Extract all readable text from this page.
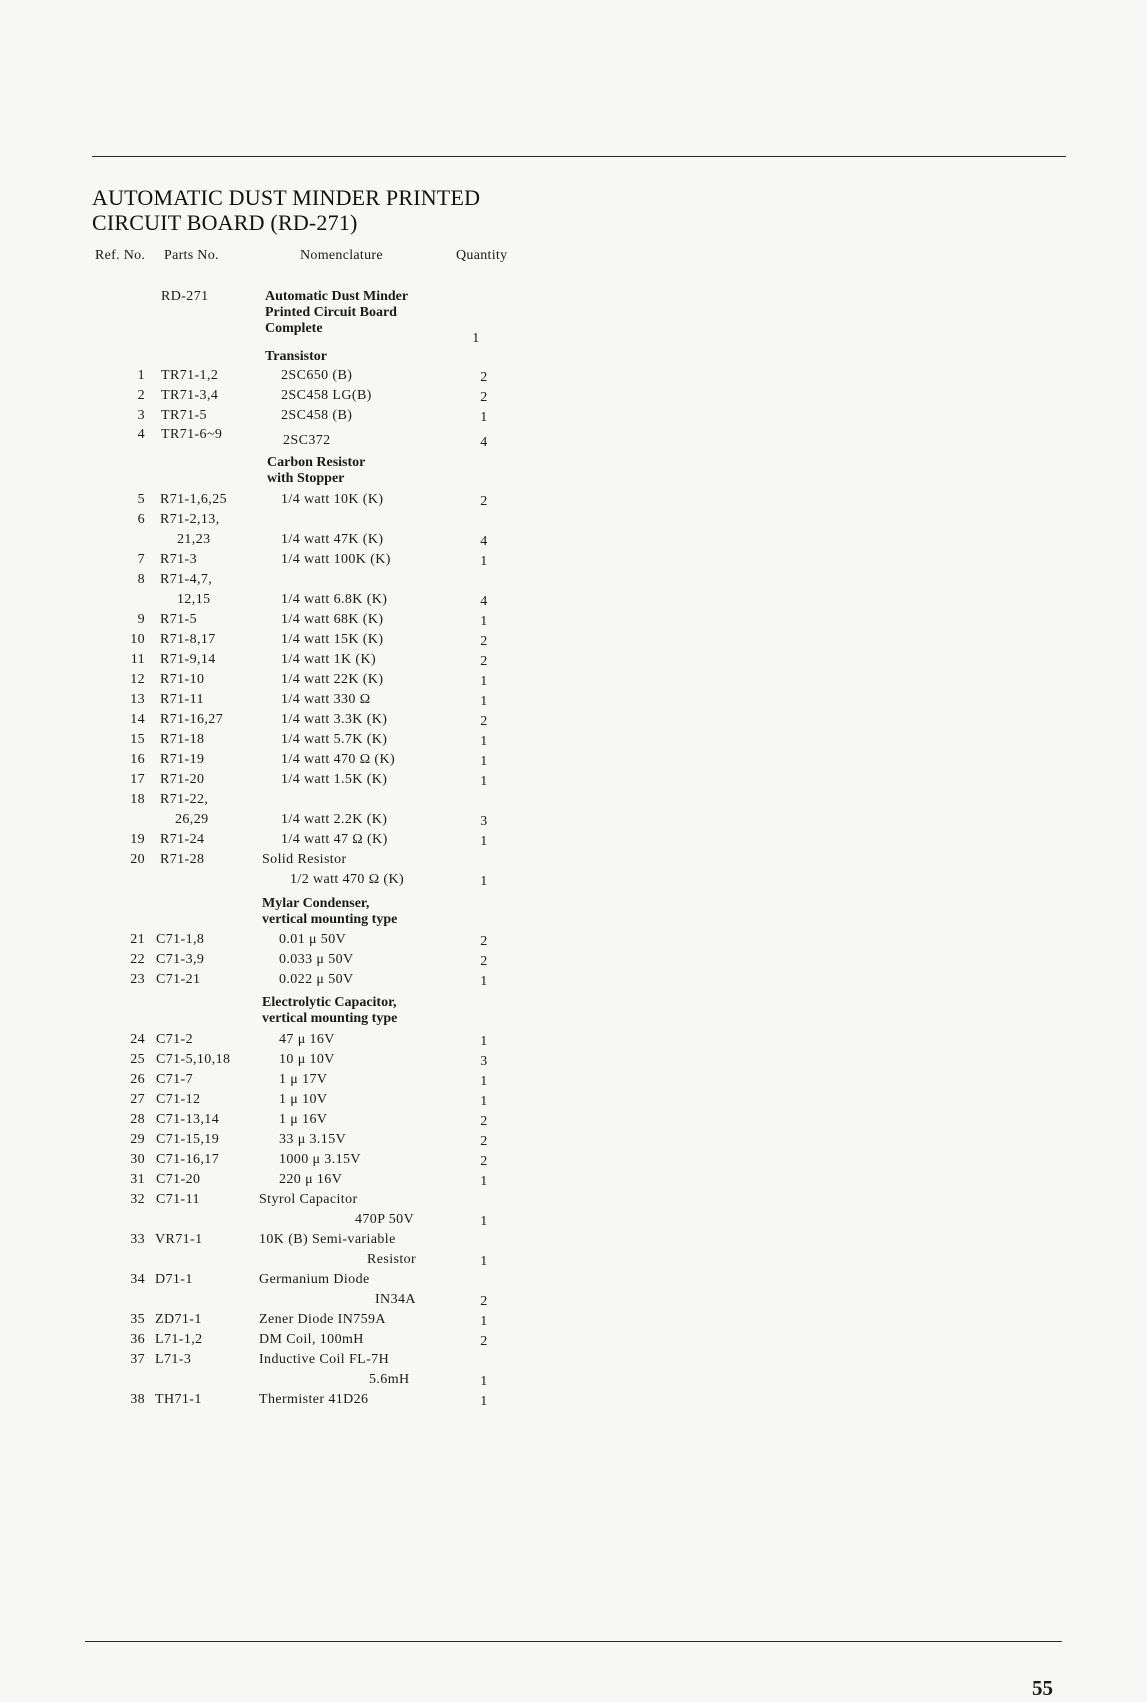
AUTOMATIC DUST MINDER PRINTED
CIRCUIT BOARD (RD-271)
Ref. No. Parts No.	Nomenclature	Quantity
RD-271	Automatic Dust Minder
Printed Circuit Board
Complete
1
Transistor
1 TR71-1,2	2SC650 (B)	2
2 TR71-3,4	2SC458 LG(B)	2
3 TR71-5	2SC458 (B)	1
4 TR71-6~9	2SC372	4
Carbon Resistor
with Stopper
5 R71-1,6,25	1/4 watt 10K (K)	2
6 R71-2,13,
21,23	1/4 watt 47K (K)	4
7 R71-3	1/4 watt 100K (K)	1
8 R71-4,7,
12,15	1/4 watt 6.8K (K)	4
9 R71-5	1/4 watt 68K (K)	1
10 R71-8,17	1/4 watt 15K (K)	2
11 R71-9,14	1/4 watt 1K (K)	2
12 R71-10	1/4 watt 22K (K)	1
13 R71-11	1/4 watt 330 Ω	1
14 R71-16,27	1/4 watt 3.3K (K)	2
15 R71-18	1/4 watt 5.7K (K)	1
16 R71-19	1/4 watt 470 Ω (K)	1
17 R71-20	1/4 watt 1.5K (K)	1
18 R71-22,
26,29	1/4 watt 2.2K (K)	3
19 R71-24	1/4 watt 47 Ω (K)	1
20 R71-28	Solid Resistor
1/2 watt 470 Ω (K)	1
Mylar Condenser,
vertical mounting type
21 C71-1,8	0.01 μ 50V	2
22 C71-3,9	0.033 μ 50V	2
23 C71-21	0.022 μ 50V	1
Electrolytic Capacitor,
vertical mounting type
24 C71-2	47 μ 16V	1
25 C71-5,10,18	10 μ 10V	3
26 C71-7	1 μ 17V	1
27 C71-12	1 μ 10V	1
28 C71-13,14	1 μ 16V	2
29 C71-15,19	33 μ 3.15V	2
30 C71-16,17	1000 μ 3.15V	2
31 C71-20	220 μ 16V	1
32 C71-11	Styrol Capacitor
470P 50V	1
33 VR71-1	10K (B) Semi-variable
Resistor	1
34 D71-1	Germanium Diode
IN34A	2
35 ZD71-1	Zener Diode IN759A	1
36 L71-1,2	DM Coil, 100mH	2
37 L71-3	Inductive Coil FL-7H
5.6mH	1
38 TH71-1	Thermister 41D26	1
55
